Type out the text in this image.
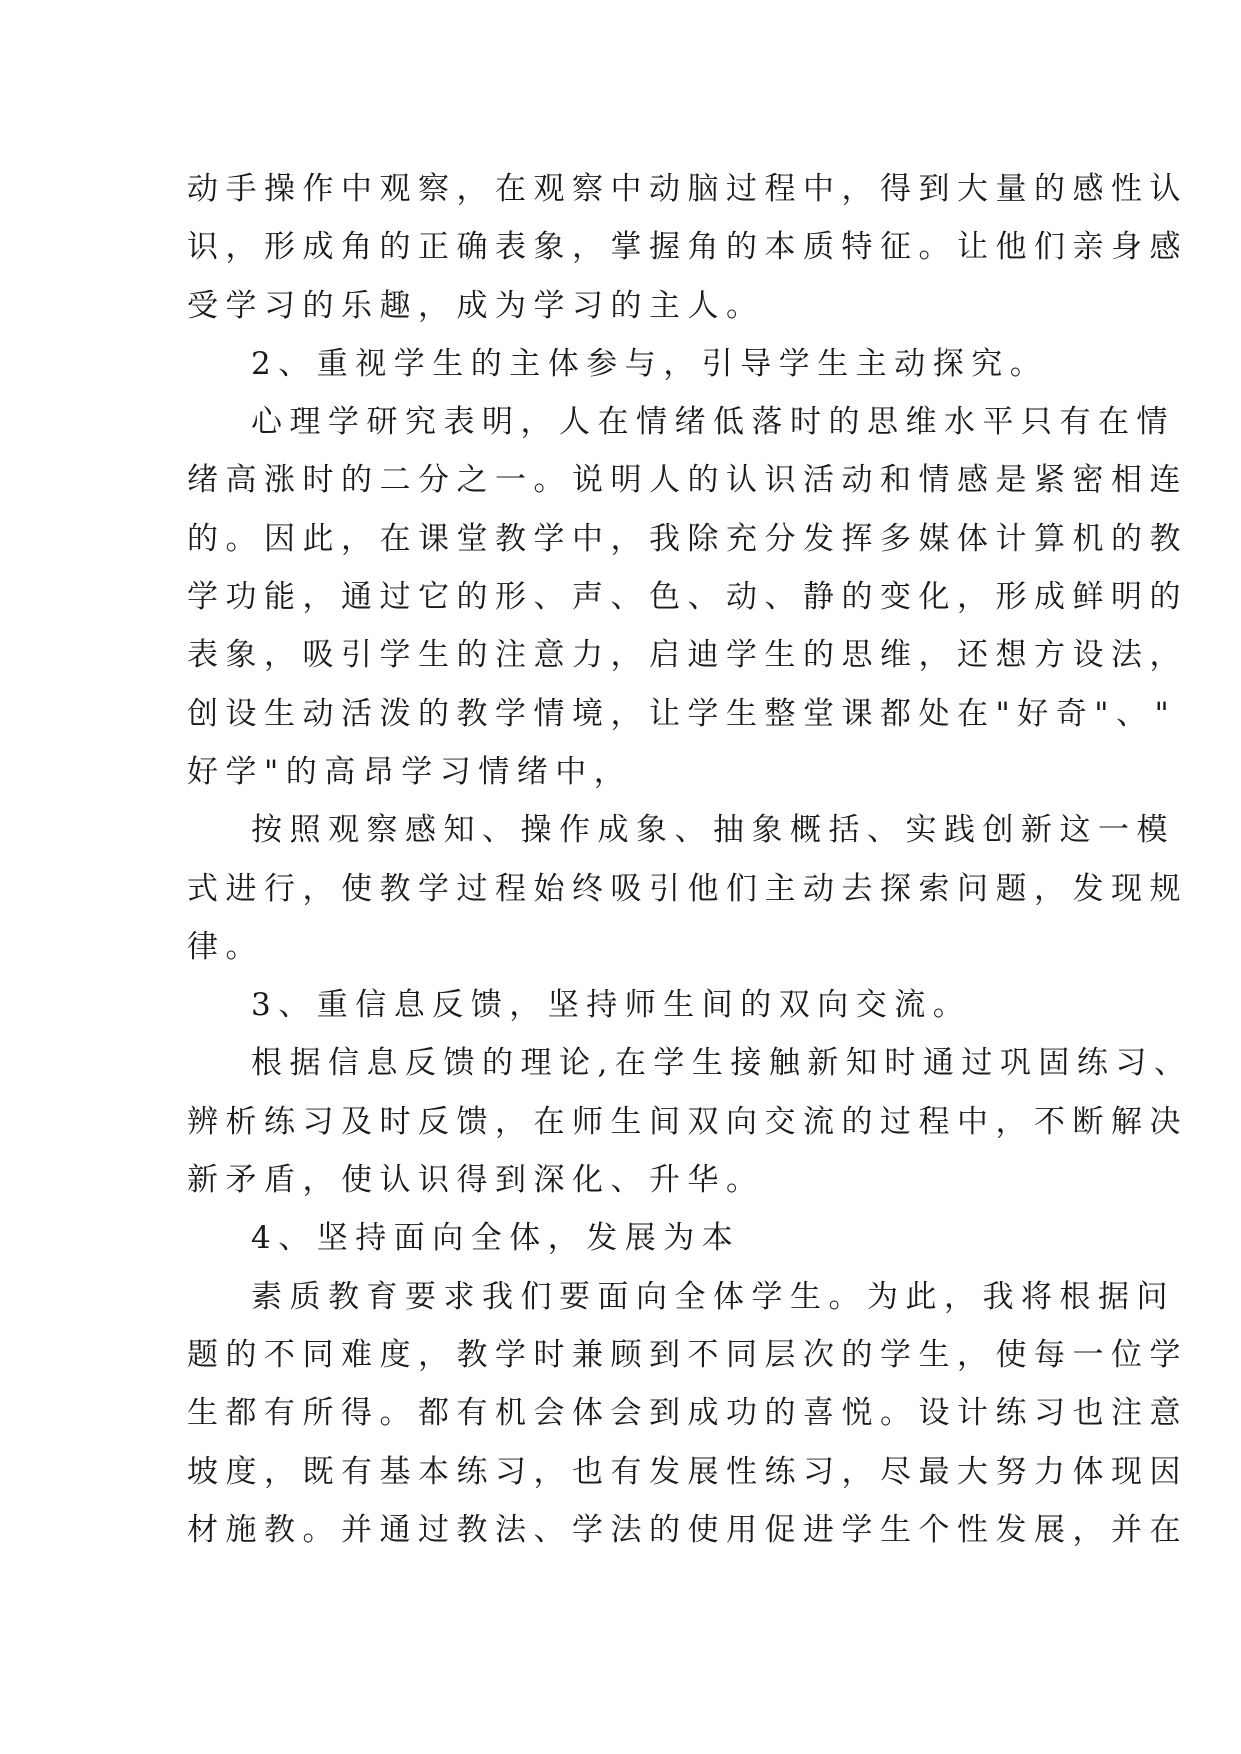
动手操作中观察，在观察中动脑过程中，得到大量的感性认
识，形成角的正确表象，掌握角的本质特征。让他们亲身感
受学习的乐趣，成为学习的主人。
2、重视学生的主体参与，引导学生主动探究。
心理学研究表明，人在情绪低落时的思维水平只有在情
绪高涨时的二分之一。说明人的认识活动和情感是紧密相连
的。因此，在课堂教学中，我除充分发挥多媒体计算机的教
学功能，通过它的形、声、色、动、静的变化，形成鲜明的
表象，吸引学生的注意力，启迪学生的思维，还想方设法，
创设生动活泼的教学情境，让学生整堂课都处在"好奇"、"
好学"的高昂学习情绪中，
按照观察感知、操作成象、抽象概括、实践创新这一模
式进行，使教学过程始终吸引他们主动去探索问题，发现规
律。
3、重信息反馈，坚持师生间的双向交流。
根据信息反馈的理论,在学生接触新知时通过巩固练习、
辨析练习及时反馈，在师生间双向交流的过程中，不断解决
新矛盾，使认识得到深化、升华。
4、坚持面向全体，发展为本
素质教育要求我们要面向全体学生。为此，我将根据问
题的不同难度，教学时兼顾到不同层次的学生，使每一位学
生都有所得。都有机会体会到成功的喜悦。设计练习也注意
坡度，既有基本练习，也有发展性练习，尽最大努力体现因
材施教。并通过教法、学法的使用促进学生个性发展，并在
